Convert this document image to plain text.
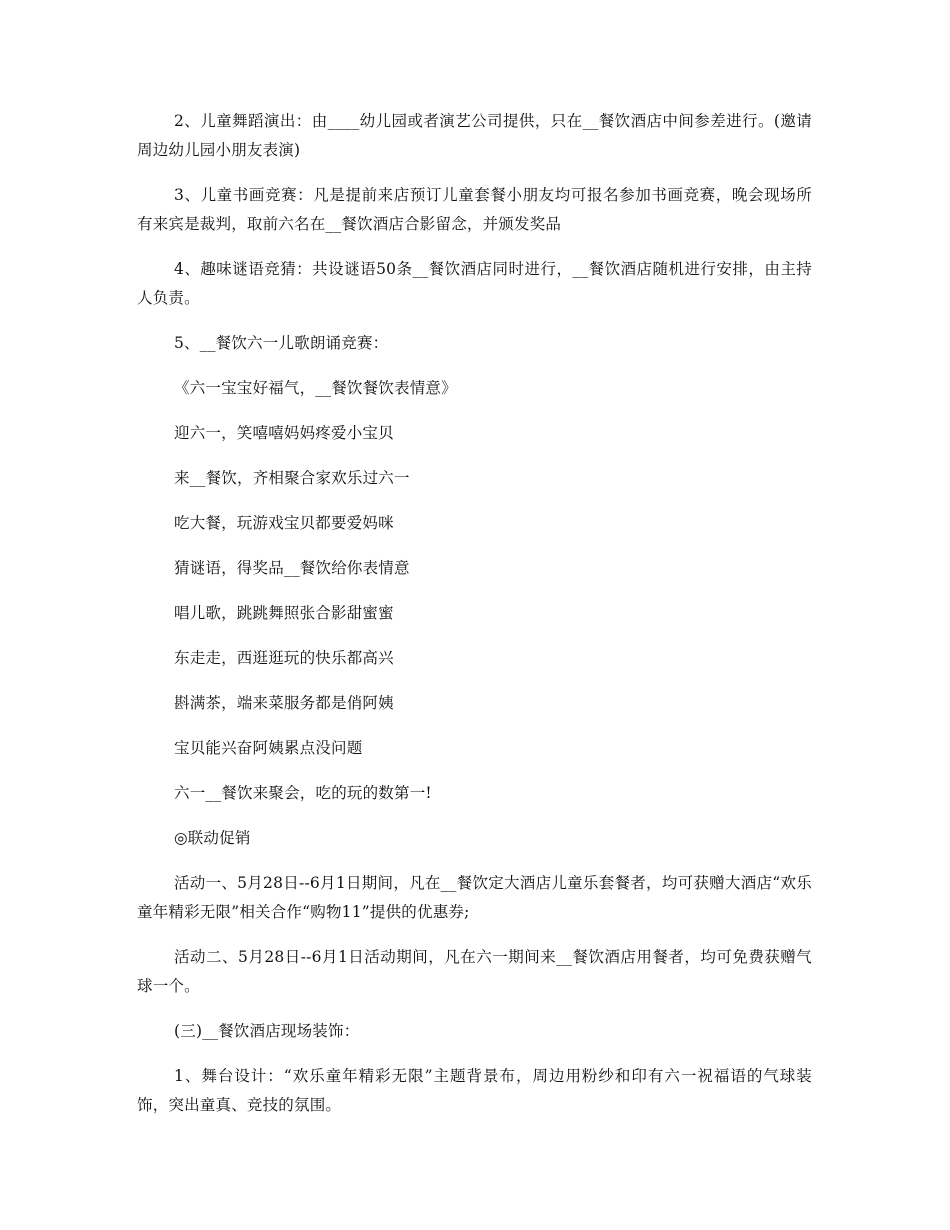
2、儿童舞蹈演出：由____幼儿园或者演艺公司提供，只在__餐饮酒店中间参差进行。(邀请周边幼儿园小朋友表演)

3、儿童书画竞赛：凡是提前来店预订儿童套餐小朋友均可报名参加书画竞赛，晚会现场所有来宾是裁判，取前六名在__餐饮酒店合影留念，并颁发奖品

4、趣味谜语竞猜：共设谜语50条__餐饮酒店同时进行，__餐饮酒店随机进行安排，由主持人负责。

5、__餐饮六一儿歌朗诵竞赛：

《六一宝宝好福气，__餐饮餐饮表情意》

迎六一，笑嘻嘻妈妈疼爱小宝贝

来__餐饮，齐相聚合家欢乐过六一

吃大餐，玩游戏宝贝都要爱妈咪

猜谜语，得奖品__餐饮给你表情意

唱儿歌，跳跳舞照张合影甜蜜蜜

东走走，西逛逛玩的快乐都高兴

斟满茶，端来菜服务都是俏阿姨

宝贝能兴奋阿姨累点没问题

六一__餐饮来聚会，吃的玩的数第一!

◎联动促销

活动一、5月28日--6月1日期间，凡在__餐饮定大酒店儿童乐套餐者，均可获赠大酒店“欢乐童年精彩无限”相关合作“购物11”提供的优惠券;

活动二、5月28日--6月1日活动期间，凡在六一期间来__餐饮酒店用餐者，均可免费获赠气球一个。

(三)__餐饮酒店现场装饰：

1、舞台设计：“欢乐童年精彩无限”主题背景布，周边用粉纱和印有六一祝福语的气球装饰，突出童真、竞技的氛围。
